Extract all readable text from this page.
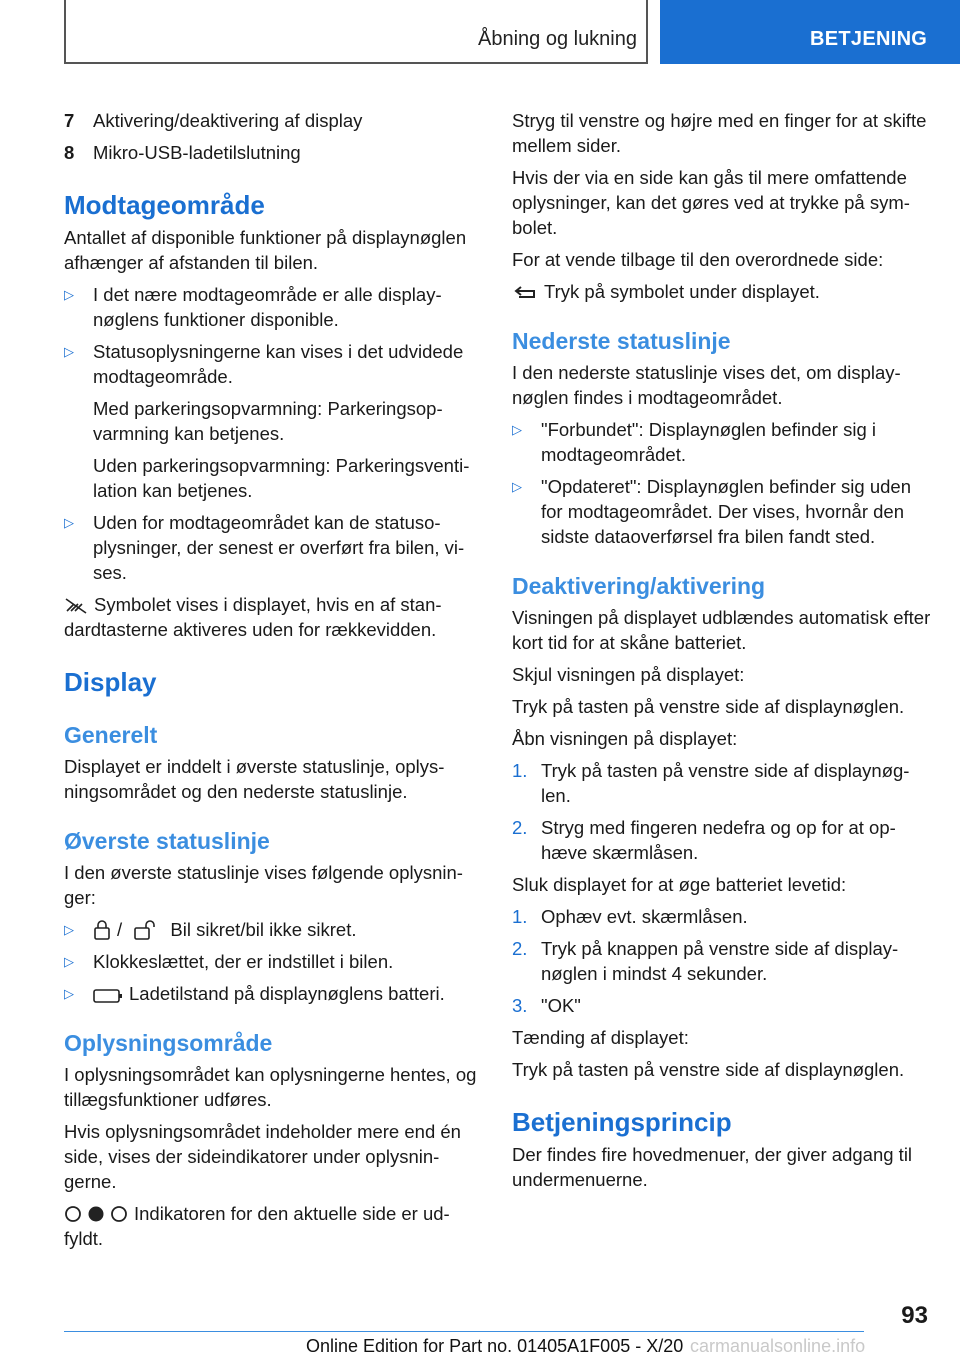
Åbning og lukning	BETJENING
7	Aktivering/deaktivering af display
8	Mikro-USB-ladetilslutning
Modtageområde

Antallet af disponible funktioner på displaynøglen afhænger af afstanden til bilen.

▷	I det nære modtageområde er alle display‐nøglens funktioner disponible.
▷	Statusoplysningerne kan vises i det udvidede modtageområde.

Med parkeringsopvarmning: Parkeringsop‐varmning kan betjenes.

Uden parkeringsopvarmning: Parkeringsventi‐lation kan betjenes.

▷	Uden for modtageområdet kan de statuso‐plysninger, der senest er overført fra bilen, vi‐ses.

Symbolet vises i displayet, hvis en af stan‐dardtasterne aktiveres uden for rækkevidden.

Display
Generelt

Displayet er inddelt i øverste statuslinje, oplys‐ningsområdet og den nederste statuslinje.

Øverste statuslinje

I den øverste statuslinje vises følgende oplysnin‐ger:

▷	/	Bil sikret/bil ikke sikret.
▷	Klokkeslættet, der er indstillet i bilen.
▷	Ladetilstand på displaynøglens batteri.
Oplysningsområde

I oplysningsområdet kan oplysningerne hentes, og tillægsfunktioner udføres.

Hvis oplysningsområdet indeholder mere end én side, vises der sideindikatorer under oplysnin‐gerne.

Indikatoren for den aktuelle side er ud‐fyldt.

Stryg til venstre og højre med en finger for at skifte mellem sider.

Hvis der via en side kan gås til mere omfattende oplysninger, kan det gøres ved at trykke på sym‐bolet.

For at vende tilbage til den overordnede side:

Tryk på symbolet under displayet.

Nederste statuslinje

I den nederste statuslinje vises det, om display‐nøglen findes i modtageområdet.

▷	"Forbundet": Displaynøglen befinder sig i modtageområdet.
▷	"Opdateret": Displaynøglen befinder sig uden for modtageområdet. Der vises, hvornår den sidste dataoverførsel fra bilen fandt sted.
Deaktivering/aktivering

Visningen på displayet udblændes automatisk efter kort tid for at skåne batteriet.

Skjul visningen på displayet:

Tryk på tasten på venstre side af displaynøglen.

Åbn visningen på displayet:

1. Tryk på tasten på venstre side af displaynøg‐len.
2. Stryg med fingeren nedefra og op for at op‐hæve skærmlåsen.

Sluk displayet for at øge batteriet levetid:

1. Ophæv evt. skærmlåsen.
2. Tryk på knappen på venstre side af display‐nøglen i mindst 4 sekunder.
3. "OK"

Tænding af displayet:

Tryk på tasten på venstre side af displaynøglen.

Betjeningsprincip

Der findes fire hovedmenuer, der giver adgang til undermenuerne.

93
Online Edition for Part no. 01405A1F005 - X/20 carmanualsonline.info
